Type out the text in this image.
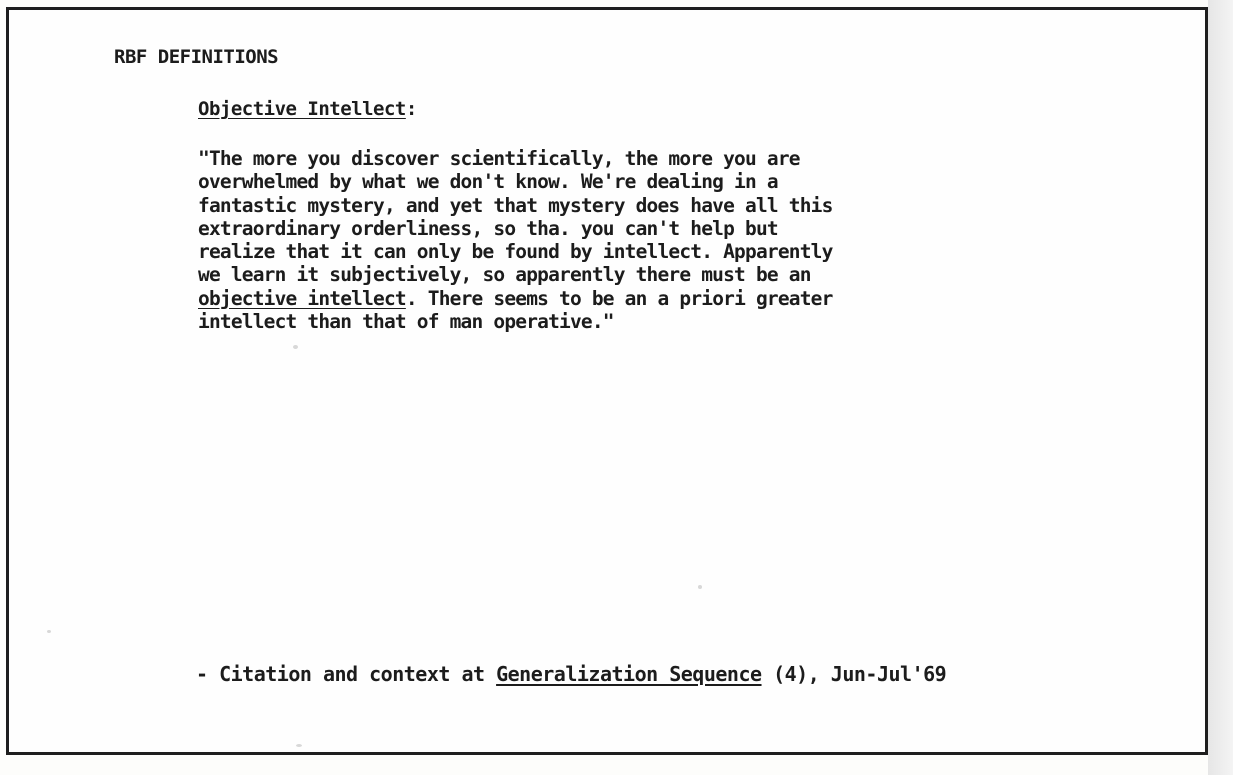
RBF DEFINITIONS
Objective Intellect:
"The more you discover scientifically, the more you are
overwhelmed by what we don't know. We're dealing in a
fantastic mystery, and yet that mystery does have all this
extraordinary orderliness, so tha. you can't help but
realize that it can only be found by intellect. Apparently
we learn it subjectively, so apparently there must be an
objective intellect. There seems to be an a priori greater
intellect than that of man operative."
- Citation and context at Generalization Sequence (4), Jun-Jul'69
